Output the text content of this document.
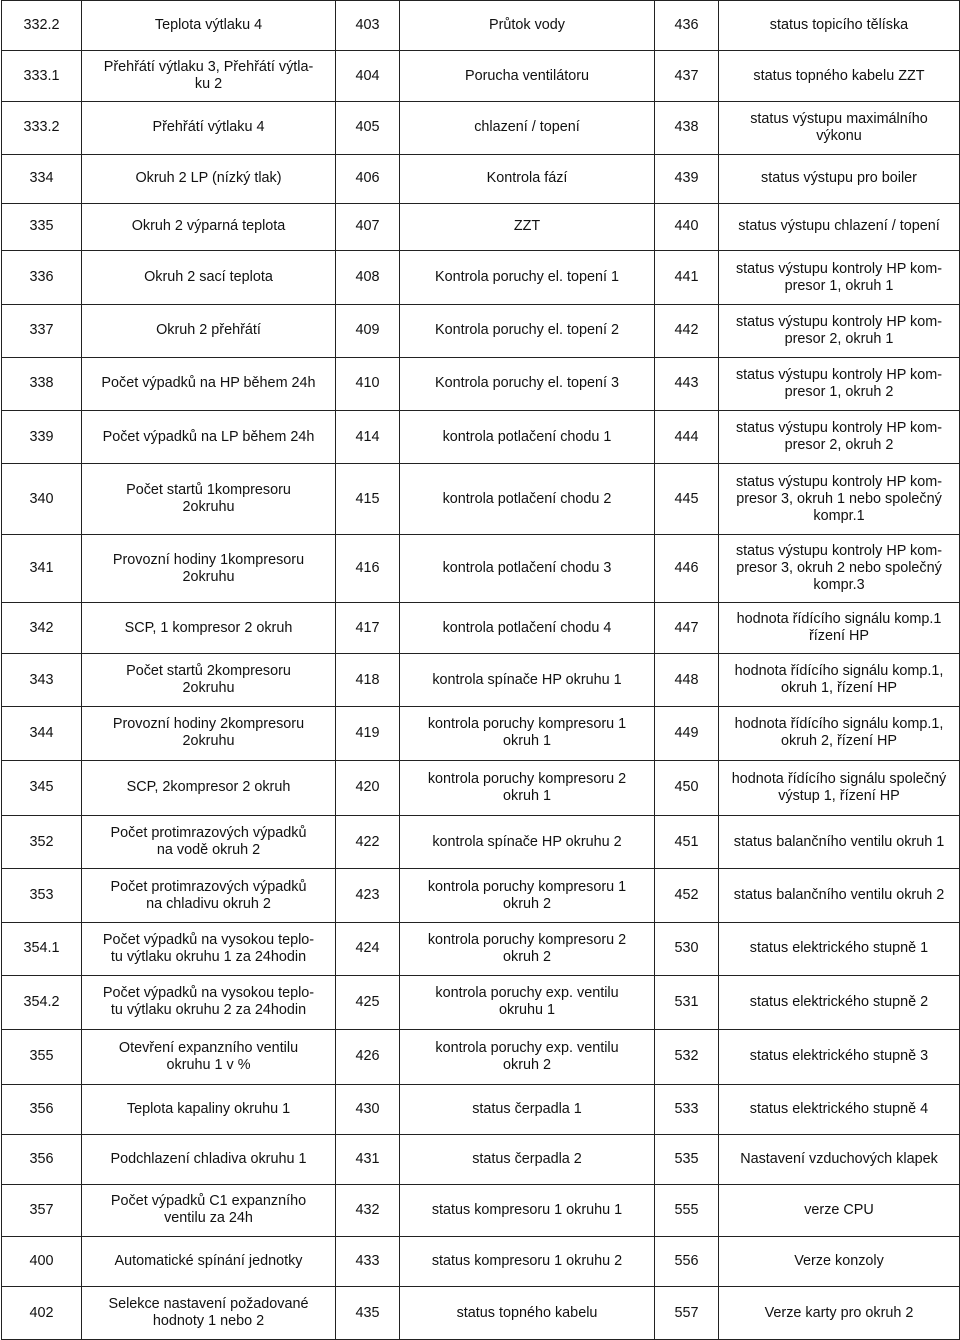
332.2	Teplota výtlaku 4	403	Průtok vody	436	status topicího tělíska
333.1	Přehřátí výtlaku 3, Přehřátí výtla-
ku 2	404	Porucha ventilátoru	437	status topného kabelu ZZT
333.2	Přehřátí výtlaku 4	405	chlazení / topení	438	status výstupu maximálního
výkonu
334	Okruh 2 LP (nízký tlak)	406	Kontrola fází	439	status výstupu pro boiler
335	Okruh 2 výparná teplota	407	ZZT	440	status výstupu chlazení / topení
336	Okruh 2 sací teplota	408	Kontrola poruchy el. topení 1	441	status výstupu kontroly HP kom-
presor 1, okruh 1
337	Okruh 2 přehřátí	409	Kontrola poruchy el. topení 2	442	status výstupu kontroly HP kom-
presor 2, okruh 1
338	Počet výpadků na HP během 24h	410	Kontrola poruchy el. topení 3	443	status výstupu kontroly HP kom-
presor 1, okruh 2
339	Počet výpadků na LP během 24h	414	kontrola potlačení chodu 1	444	status výstupu kontroly HP kom-
presor 2, okruh 2
340	Počet startů 1kompresoru
2okruhu	415	kontrola potlačení chodu 2	445	status výstupu kontroly HP kom-
presor 3, okruh 1 nebo společný
kompr.1
341	Provozní hodiny 1kompresoru
2okruhu	416	kontrola potlačení chodu 3	446	status výstupu kontroly HP kom-
presor 3, okruh 2 nebo společný
kompr.3
342	SCP, 1 kompresor 2 okruh	417	kontrola potlačení chodu 4	447	hodnota řídícího signálu komp.1
řízení HP
343	Počet startů 2kompresoru
2okruhu	418	kontrola spínače HP okruhu 1	448	hodnota řídícího signálu komp.1,
okruh 1, řízení HP
344	Provozní hodiny 2kompresoru
2okruhu	419	kontrola poruchy kompresoru 1
okruh 1	449	hodnota řídícího signálu komp.1,
okruh 2, řízení HP
345	SCP, 2kompresor 2 okruh	420	kontrola poruchy kompresoru 2
okruh 1	450	hodnota řídícího signálu společný
výstup 1, řízení HP
352	Počet protimrazových výpadků
na vodě okruh 2	422	kontrola spínače HP okruhu 2	451	status balančního ventilu okruh 1
353	Počet protimrazových výpadků
na chladivu okruh 2	423	kontrola poruchy kompresoru 1
okruh 2	452	status balančního ventilu okruh 2
354.1	Počet výpadků na vysokou teplo-
tu výtlaku okruhu 1 za 24hodin	424	kontrola poruchy kompresoru 2
okruh 2	530	status elektrického stupně 1
354.2	Počet výpadků na vysokou teplo-
tu výtlaku okruhu 2 za 24hodin	425	kontrola poruchy exp. ventilu
okruhu 1	531	status elektrického stupně 2
355	Otevření expanzního ventilu
okruhu 1 v %	426	kontrola poruchy exp. ventilu
okruh 2	532	status elektrického stupně 3
356	Teplota kapaliny okruhu 1	430	status čerpadla 1	533	status elektrického stupně 4
356	Podchlazení chladiva okruhu 1	431	status čerpadla 2	535	Nastavení vzduchových klapek
357	Počet výpadků C1 expanzního
ventilu za 24h	432	status kompresoru 1 okruhu 1	555	verze CPU
400	Automatické spínání jednotky	433	status kompresoru 1 okruhu 2	556	Verze konzoly
402	Selekce nastavení požadované
hodnoty 1 nebo 2	435	status topného kabelu	557	Verze karty pro okruh 2
